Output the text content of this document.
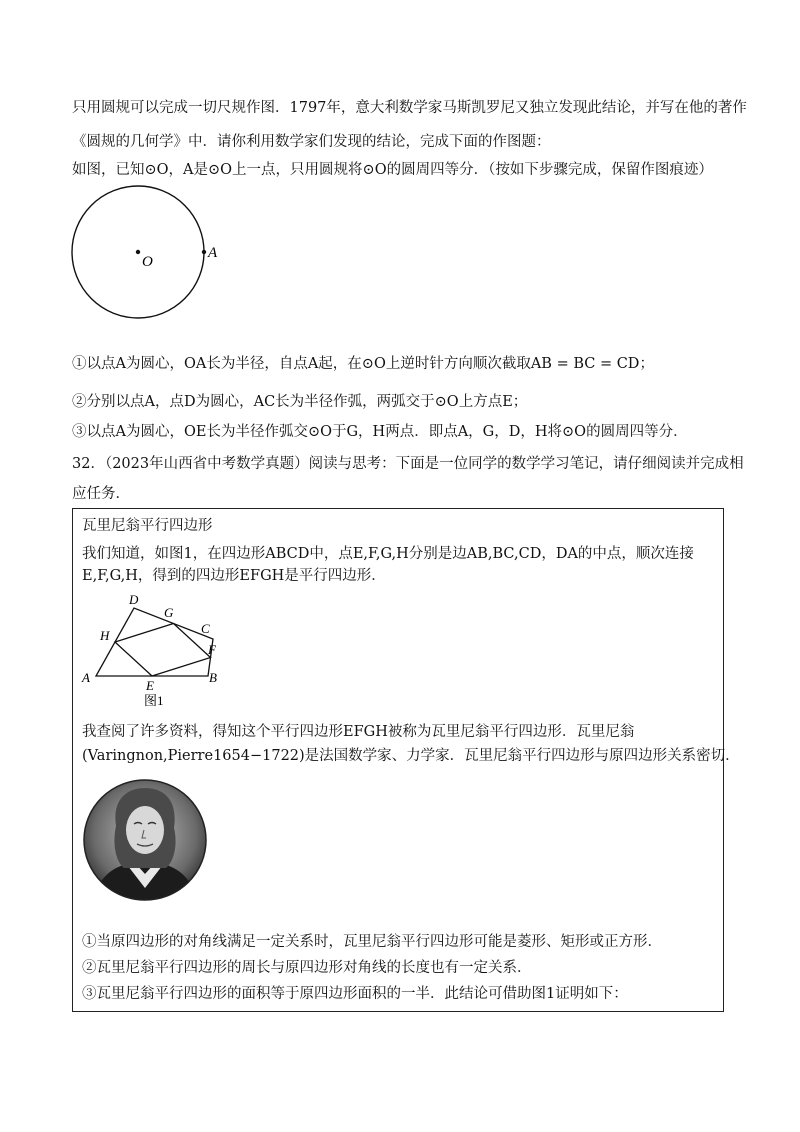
只用圆规可以完成一切尺规作图．1797年，意大利数学家马斯凯罗尼又独立发现此结论，并写在他的著作
《圆规的几何学》中．请你利用数学家们发现的结论，完成下面的作图题：
如图，已知⊙O，A是⊙O上一点，只用圆规将⊙O的圆周四等分．（按如下步骤完成，保留作图痕迹）
O
A
①以点A为圆心，OA长为半径，自点A起，在⊙O上逆时针方向顺次截取AB = BC = CD；
②分别以点A，点D为圆心，AC长为半径作弧，两弧交于⊙O上方点E；
③以点A为圆心，OE长为半径作弧交⊙O于G，H两点．即点A，G，D，H将⊙O的圆周四等分．
32．（2023年山西省中考数学真题）阅读与思考：下面是一位同学的数学学习笔记，请仔细阅读并完成相
应任务．
瓦里尼翁平行四边形
我们知道，如图1，在四边形ABCD中，点E,F,G,H分别是边AB,BC,CD，DA的中点，顺次连接
E,F,G,H，得到的四边形EFGH是平行四边形．
A	B
C
D
E
F
G
H
图1
我查阅了许多资料，得知这个平行四边形EFGH被称为瓦里尼翁平行四边形．瓦里尼翁
(Varingnon,Pierre1654−1722)是法国数学家、力学家．瓦里尼翁平行四边形与原四边形关系密切．
①当原四边形的对角线满足一定关系时，瓦里尼翁平行四边形可能是菱形、矩形或正方形．
②瓦里尼翁平行四边形的周长与原四边形对角线的长度也有一定关系．
③瓦里尼翁平行四边形的面积等于原四边形面积的一半．此结论可借助图1证明如下：
